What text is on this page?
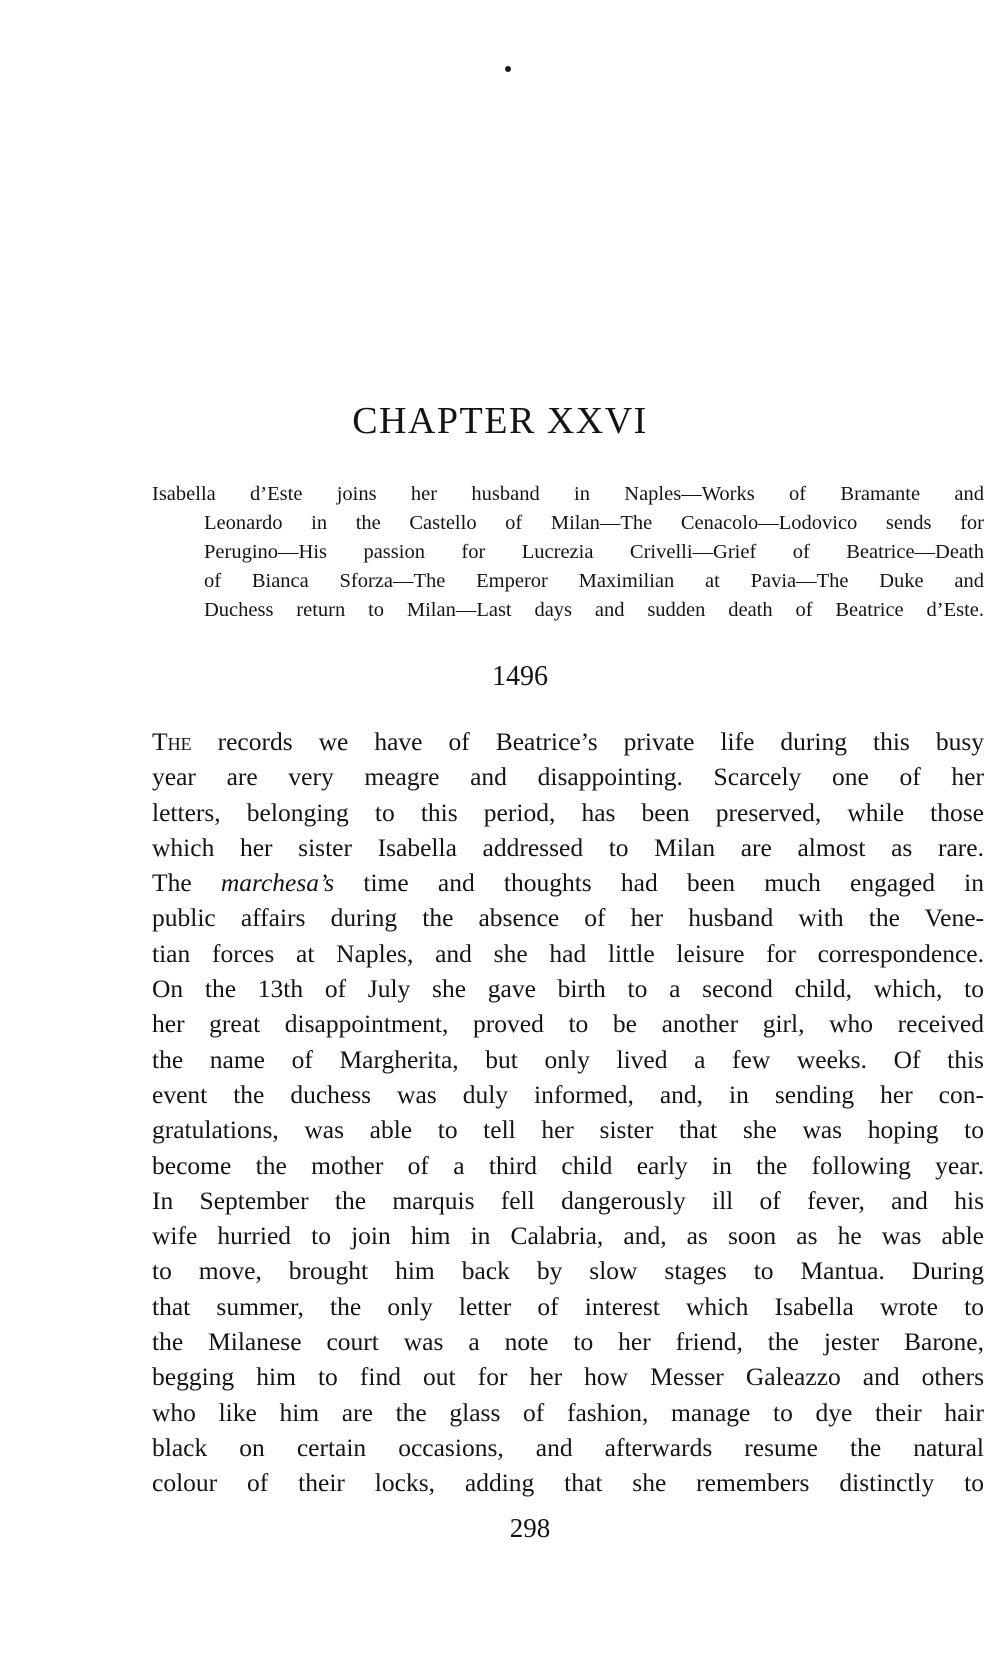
CHAPTER XXVI
Isabella d’Este joins her husband in Naples—Works of Bramante and
Leonardo in the Castello of Milan—The Cenacolo—Lodovico sends for
Perugino—His passion for Lucrezia Crivelli—Grief of Beatrice—Death
of Bianca Sforza—The Emperor Maximilian at Pavia—The Duke and
Duchess return to Milan—Last days and sudden death of Beatrice d’Este.
1496
The records we have of Beatrice’s private life during this busy
year are very meagre and disappointing. Scarcely one of her
letters, belonging to this period, has been preserved, while those
which her sister Isabella addressed to Milan are almost as rare.
The marchesa’s time and thoughts had been much engaged in
public affairs during the absence of her husband with the Vene-
tian forces at Naples, and she had little leisure for correspondence.
On the 13th of July she gave birth to a second child, which, to
her great disappointment, proved to be another girl, who received
the name of Margherita, but only lived a few weeks. Of this
event the duchess was duly informed, and, in sending her con-
gratulations, was able to tell her sister that she was hoping to
become the mother of a third child early in the following year.
In September the marquis fell dangerously ill of fever, and his
wife hurried to join him in Calabria, and, as soon as he was able
to move, brought him back by slow stages to Mantua. During
that summer, the only letter of interest which Isabella wrote to
the Milanese court was a note to her friend, the jester Barone,
begging him to find out for her how Messer Galeazzo and others
who like him are the glass of fashion, manage to dye their hair
black on certain occasions, and afterwards resume the natural
colour of their locks, adding that she remembers distinctly to
298
